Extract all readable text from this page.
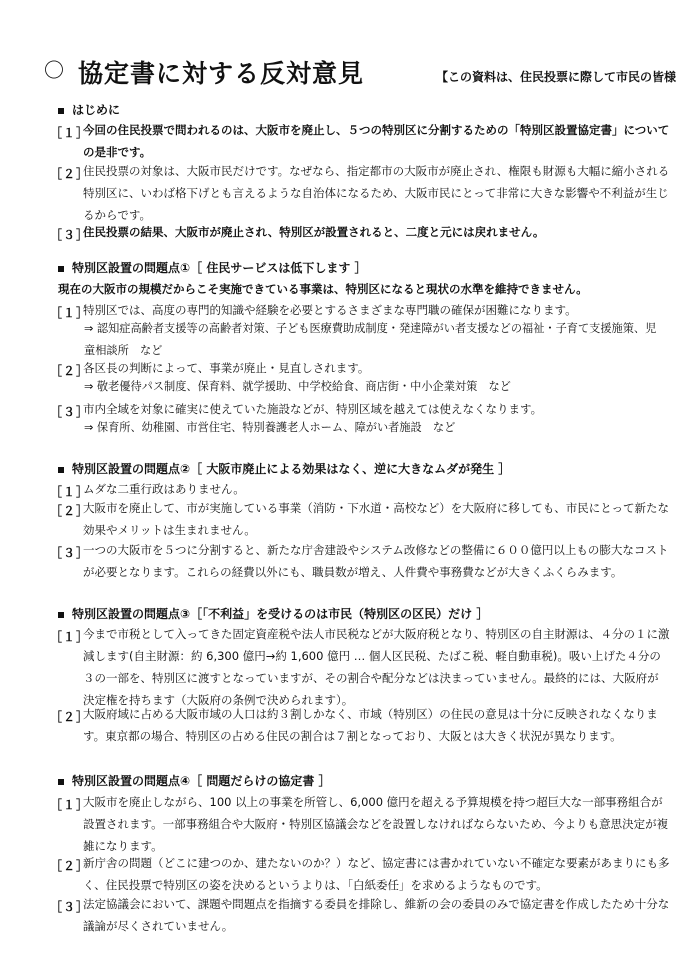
〇 協定書に対する反対意見	【この資料は、住民投票に際して市民の皆様
はじめに
［１］
今回の住民投票で問われるのは、大阪市を廃止し、５つの特別区に分割するための「特別区設置協定書」についての是非です。
［２］
住民投票の対象は、大阪市民だけです。なぜなら、指定都市の大阪市が廃止され、権限も財源も大幅に縮小される特別区に、いわば格下げとも言えるような自治体になるため、大阪市民にとって非常に大きな影響や不利益が生じるからです。
［３］
住民投票の結果、大阪市が廃止され、特別区が設置されると、二度と元には戻れません。
特別区設置の問題点①［ 住民サービスは低下します ］
現在の大阪市の規模だからこそ実施できている事業は、特別区になると現状の水準を維持できません。
［１］
特別区では、高度の専門的知識や経験を必要とするさまざまな専門職の確保が困難になります。
⇒ 認知症高齢者支援等の高齢者対策、子ども医療費助成制度・発達障がい者支援などの福祉・子育て支援施策、児童相談所　など
［２］
各区長の判断によって、事業が廃止・見直しされます。
⇒ 敬老優待パス制度、保育料、就学援助、中学校給食、商店街・中小企業対策　など
［３］
市内全域を対象に確実に使えていた施設などが、特別区域を越えては使えなくなります。
⇒ 保育所、幼稚園、市営住宅、特別養護老人ホーム、障がい者施設　など
特別区設置の問題点②［ 大阪市廃止による効果はなく、逆に大きなムダが発生 ］
［１］
ムダな二重行政はありません。
［２］
大阪市を廃止して、市が実施している事業（消防・下水道・高校など）を大阪府に移しても、市民にとって新たな効果やメリットは生まれません。
［３］
一つの大阪市を５つに分割すると、新たな庁舎建設やシステム改修などの整備に６００億円以上もの膨大なコストが必要となります。これらの経費以外にも、職員数が増え、人件費や事務費などが大きくふくらみます。
特別区設置の問題点③［「不利益」を受けるのは市民（特別区の区民）だけ ］
［１］
今まで市税として入ってきた固定資産税や法人市民税などが大阪府税となり、特別区の自主財源は、４分の１に激減します(自主財源：約 6,300 億円→約 1,600 億円 … 個人区民税、たばこ税、軽自動車税)。吸い上げた４分の３の一部を、特別区に渡すとなっていますが、その割合や配分などは決まっていません。最終的には、大阪府が決定権を持ちます（大阪府の条例で決められます）。
［２］
大阪府域に占める大阪市域の人口は約３割しかなく、市域（特別区）の住民の意見は十分に反映されなくなります。東京都の場合、特別区の占める住民の割合は７割となっており、大阪とは大きく状況が異なります。
特別区設置の問題点④［ 問題だらけの協定書 ］
［１］
大阪市を廃止しながら、100 以上の事業を所管し、6,000 億円を超える予算規模を持つ超巨大な一部事務組合が設置されます。一部事務組合や大阪府・特別区協議会などを設置しなければならないため、今よりも意思決定が複雑になります。
［２］
新庁舎の問題（どこに建つのか、建たないのか？）など、協定書には書かれていない不確定な要素があまりにも多く、住民投票で特別区の姿を決めるというよりは、「白紙委任」を求めるようなものです。
［３］
法定協議会において、課題や問題点を指摘する委員を排除し、維新の会の委員のみで協定書を作成したため十分な議論が尽くされていません。
